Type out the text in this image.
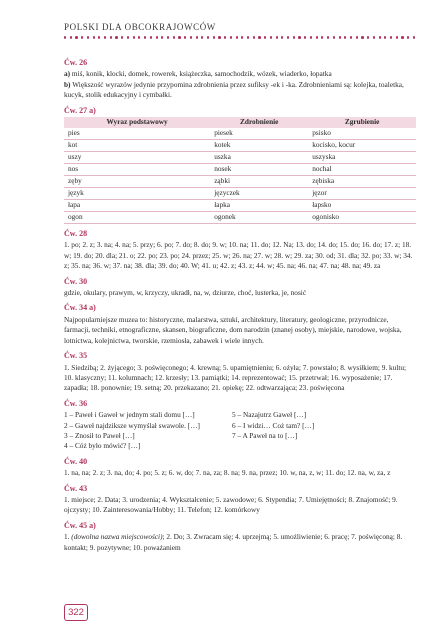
POLSKI DLA OBCOKRAJOWCÓW
Ćw. 26

a) miś, konik, klocki, domek, rowerek, książeczka, samochodzik, wózek, wiaderko, łopatka

b) Większość wyrazów jedynie przypomina zdrobnienia przez sufiksy -ek i -ka. Zdrobnieniami są: kolejka, toaletka, kucyk, stolik edukacyjny i cymbałki.

Ćw. 27 a)
Wyraz podstawowy	Zdrobnienie	Zgrubienie
pies	piesek	psisko
kot	kotek	kocisko, kocur
uszy	uszka	uszyska
nos	nosek	nochal
zęby	ząbki	zębiska
język	języczek	jęzor
łapa	łapka	łapsko
ogon	ogonek	ogonisko
Ćw. 28

1. po; 2. z; 3. na; 4. na; 5. przy; 6. po; 7. do; 8. do; 9. w; 10. na; 11. do; 12. Na; 13. do; 14. do; 15. do; 16. do; 17. z; 18. w; 19. do; 20. dla; 21. o; 22. po; 23. po; 24. przez; 25. w; 26. na; 27. w; 28. w; 29. za; 30. od; 31. dla; 32. po; 33. w; 34. z; 35. na; 36. w; 37. na; 38. dla; 39. do; 40. W; 41. u; 42. z; 43. z; 44. w; 45. na; 46. na; 47. na; 48. na; 49. za

Ćw. 30

gdzie, okulary, prawym, w, krzyczy, ukradł, na, w, dziurze, choć, lusterka, je, nosić

Ćw. 34 a)

Najpopularniejsze muzea to: historyczne, malarstwa, sztuki, architektury, literatury, geologiczne, przyrodnicze, farmacji, techniki, etnograficzne, skansen, biograficzne, dom narodzin (znanej osoby), miejskie, narodowe, wojska, lotnictwa, kolejnictwa, tworskie, rzemiosła, zabawek i wiele innych.

Ćw. 35

1. Siedzibą; 2. żyjącego; 3. poświęconego; 4. krewną; 5. upamiętnieniu; 6. ożyła; 7. powstało; 8. wysiłkiem; 9. kultu; 10. klasyczny; 11. kolumnach; 12. krzesły; 13. pamiątki; 14. reprezentować; 15. przetrwał; 16. wyposażenie; 17. zapadła; 18. ponownie; 19. setną; 20. przekazano; 21. opiekę; 22. odtwarzająca; 23. poświęcona

Ćw. 36

1 – Paweł i Gaweł w jednym stali domu […]

2 – Gaweł najdziksze wymyślał swawole. […]

3 – Znosił to Paweł […]

4 – Cóż było mówić? […]

5 – Nazajutrz Gaweł […]

6 – I widzi… Coż tam? […]

7 – A Paweł na to […]

Ćw. 40

1. na, na; 2. z; 3. na, do; 4. po; 5. z; 6. w, do; 7. na, za; 8. na; 9. na, przez; 10. w, na, z, w; 11. do; 12. na, w, za, z

Ćw. 43

1. miejsce; 2. Data; 3. urodzenia; 4. Wykształcenie; 5. zawodowe; 6. Stypendia; 7. Umiejętności; 8. Znajomość; 9. ojczysty; 10. Zainteresowania/Hobby; 11. Telefon; 12. komórkowy

Ćw. 45 a)

1. (dowolna nazwa miejscowości); 2. Do; 3. Zwracam się; 4. uprzejmą; 5. umożliwienie; 6. pracę; 7. poświęconą; 8. kontakt; 9. pozytywne; 10. poważaniem

322
